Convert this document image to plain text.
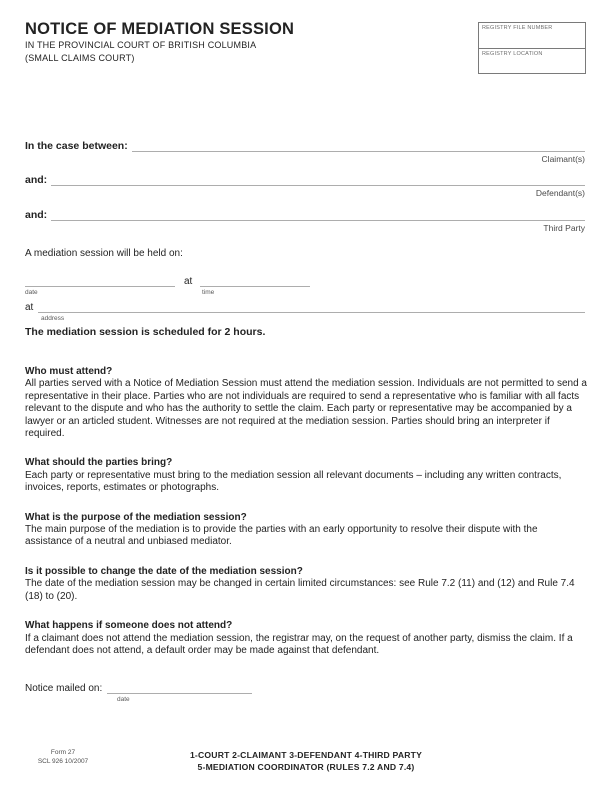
NOTICE OF MEDIATION SESSION
IN THE PROVINCIAL COURT OF BRITISH COLUMBIA
(SMALL CLAIMS COURT)
REGISTRY FILE NUMBER
REGISTRY LOCATION
In the case between:
Claimant(s)
and:
Defendant(s)
and:
Third Party
A mediation session will be held on:
date
at
time
at
address
The mediation session is scheduled for 2 hours.
Who must attend?
All parties served with a Notice of Mediation Session must attend the mediation session. Individuals are not permitted to send a representative in their place. Parties who are not individuals are required to send a representative who is familiar with all facts relevant to the dispute and who has the authority to settle the claim. Each party or representative may be accompanied by a lawyer or an articled student. Witnesses are not required at the mediation session. Parties should bring an interpreter if required.
What should the parties bring?
Each party or representative must bring to the mediation session all relevant documents – including any written contracts, invoices, reports, estimates or photographs.
What is the purpose of the mediation session?
The main purpose of the mediation is to provide the parties with an early opportunity to resolve their dispute with the assistance of a neutral and unbiased mediator.
Is it possible to change the date of the mediation session?
The date of the mediation session may be changed in certain limited circumstances: see Rule 7.2 (11) and (12) and Rule 7.4 (18) to (20).
What happens if someone does not attend?
If a claimant does not attend the mediation session, the registrar may, on the request of another party, dismiss the claim. If a defendant does not attend, a default order may be made against that defendant.
Notice mailed on:
date
Form 27
SCL 926 10/2007
1-COURT 2-CLAIMANT 3-DEFENDANT 4-THIRD PARTY
5-MEDIATION COORDINATOR (RULES 7.2 AND 7.4)
